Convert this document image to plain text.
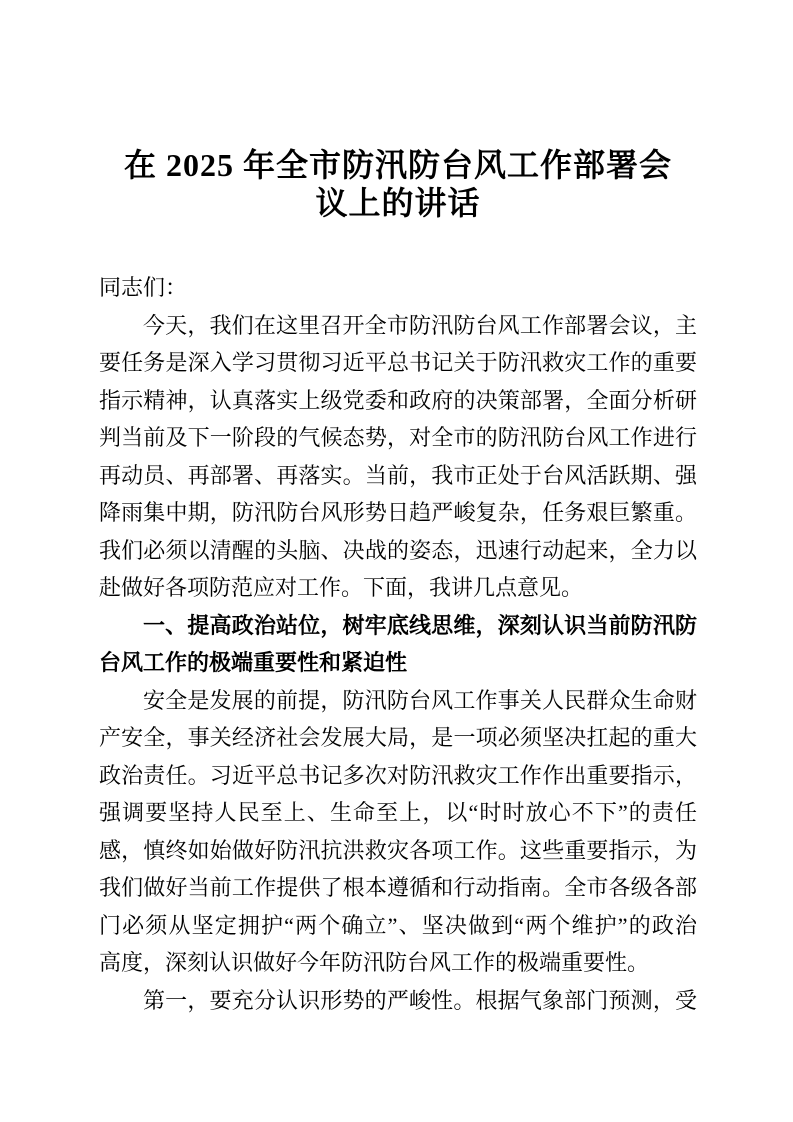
在 2025 年全市防汛防台风工作部署会
议上的讲话
同志们：
今天，我们在这里召开全市防汛防台风工作部署会议，主
要任务是深入学习贯彻习近平总书记关于防汛救灾工作的重要
指示精神，认真落实上级党委和政府的决策部署，全面分析研
判当前及下一阶段的气候态势，对全市的防汛防台风工作进行
再动员、再部署、再落实。当前，我市正处于台风活跃期、强
降雨集中期，防汛防台风形势日趋严峻复杂，任务艰巨繁重。
我们必须以清醒的头脑、决战的姿态，迅速行动起来，全力以
赴做好各项防范应对工作。下面，我讲几点意见。
一、提高政治站位，树牢底线思维，深刻认识当前防汛防
台风工作的极端重要性和紧迫性
安全是发展的前提，防汛防台风工作事关人民群众生命财
产安全，事关经济社会发展大局，是一项必须坚决扛起的重大
政治责任。习近平总书记多次对防汛救灾工作作出重要指示，
强调要坚持人民至上、生命至上，以“时时放心不下”的责任
感，慎终如始做好防汛抗洪救灾各项工作。这些重要指示，为
我们做好当前工作提供了根本遵循和行动指南。全市各级各部
门必须从坚定拥护“两个确立”、坚决做到“两个维护”的政治
高度，深刻认识做好今年防汛防台风工作的极端重要性。
第一，要充分认识形势的严峻性。根据气象部门预测，受
